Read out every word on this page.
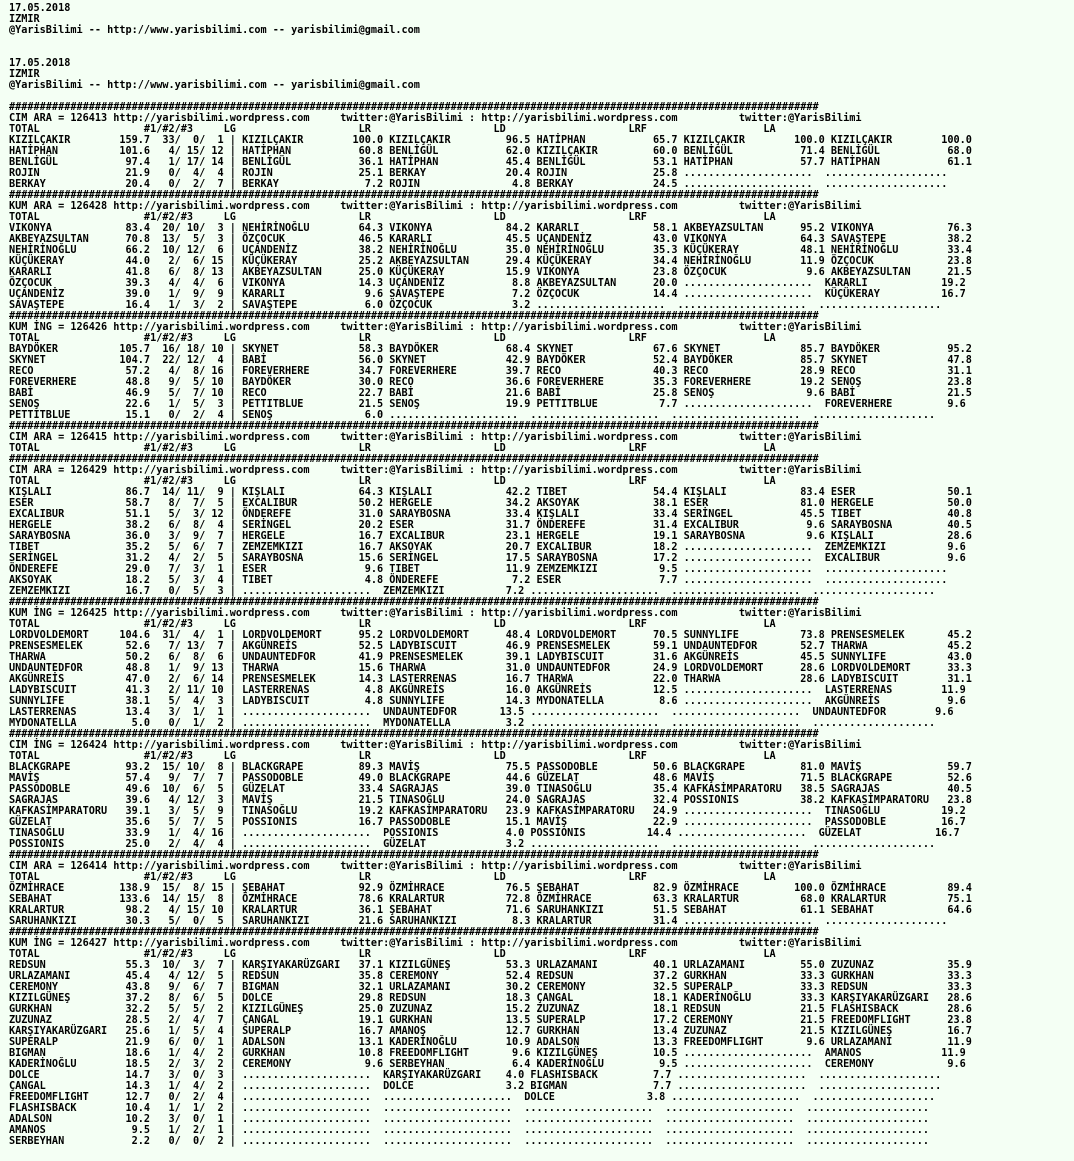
17.05.2018
IZMIR
@YarisBilimi -- http://www.yarisbilimi.com -- yarisbilimi@gmail.com
17.05.2018
IZMIR
@YarisBilimi -- http://www.yarisbilimi.com -- yarisbilimi@gmail.com
####################################################################################################################################
CIM ARA = 126413 http://yarisbilimi.wordpress.com     twitter:@YarisBilimi : http://yarisbilimi.wordpress.com          twitter:@YarisBilimi
TOTAL                 #1/#2/#3     LG                    LR                    LD                    LRF                   LA
KIZILÇAKIR        159.7  33/  0/  1 | KIZILÇAKIR        100.0 KIZILÇAKIR         96.5 HATİPHAN           65.7 KIZILÇAKIR        100.0 KIZILÇAKIR        100.0
HATİPHAN          101.6   4/ 15/ 12 | HATİPHAN           60.8 BENLİGÜL           62.0 KIZILÇAKIR         60.0 BENLİGÜL           71.4 BENLİGÜL           68.0
BENLİGÜL           97.4   1/ 17/ 14 | BENLİGÜL           36.1 HATİPHAN           45.4 BENLİGÜL           53.1 HATİPHAN           57.7 HATİPHAN           61.1
ROJIN              21.9   0/  4/  4 | ROJIN              25.1 BERKAY             20.4 ROJIN              25.8 .....................  ....................
BERKAY             20.4   0/  2/  7 | BERKAY              7.2 ROJIN               4.8 BERKAY             24.5 .....................  ....................
####################################################################################################################################
KUM ARA = 126428 http://yarisbilimi.wordpress.com     twitter:@YarisBilimi : http://yarisbilimi.wordpress.com          twitter:@YarisBilimi
TOTAL                 #1/#2/#3     LG                    LR                    LD                    LRF                   LA
VIKONYA            83.4  20/ 10/  3 | NEHİRİNOĞLU        64.3 VIKONYA            84.2 KARARLI            58.1 AKBEYAZSULTAN      95.2 VIKONYA            76.3
AKBEYAZSULTAN      70.8  13/  5/  3 | ÖZÇOCUK            46.5 KARARLI            45.5 UÇANDENİZ          43.0 VIKONYA            64.3 SAVAŞTEPE          38.2
NEHİRİNOĞLU        66.2  10/ 12/  6 | UÇANDENİZ          38.2 NEHİRİNOĞLU        35.0 NEHİRİNOĞLU        35.3 KÜÇÜKERAY          48.1 NEHİRİNOĞLU        33.4
KÜÇÜKERAY          44.0   2/  6/ 15 | KÜÇÜKERAY          25.2 AKBEYAZSULTAN      29.4 KÜÇÜKERAY          34.4 NEHİRİNOĞLU        11.9 ÖZÇOCUK            23.8
KARARLI            41.8   6/  8/ 13 | AKBEYAZSULTAN      25.0 KÜÇÜKERAY          15.9 VIKONYA            23.8 ÖZÇOCUK             9.6 AKBEYAZSULTAN      21.5
ÖZÇOCUK            39.3   4/  4/  6 | VIKONYA            14.3 UÇANDENİZ           8.8 AKBEYAZSULTAN      20.0 .....................  KARARLI            19.2
UÇANDENİZ          39.0   1/  9/  9 | KARARLI             9.6 SAVAŞTEPE           7.2 ÖZÇOCUK            14.4 .....................  KÜÇÜKERAY          16.7
SAVAŞTEPE          16.4   1/  3/  2 | SAVAŞTEPE           6.0 ÖZÇOCUK             3.2 .....................  .....................  ....................
####################################################################################################################################
KUM İNG = 126426 http://yarisbilimi.wordpress.com     twitter:@YarisBilimi : http://yarisbilimi.wordpress.com          twitter:@YarisBilimi
TOTAL                 #1/#2/#3     LG                    LR                    LD                    LRF                   LA
BAYDÖKER          105.7  16/ 18/ 10 | SKYNET             58.3 BAYDÖKER           68.4 SKYNET             67.6 SKYNET             85.7 BAYDÖKER           95.2
SKYNET            104.7  22/ 12/  4 | BABİ               56.0 SKYNET             42.9 BAYDÖKER           52.4 BAYDÖKER           85.7 SKYNET             47.8
RECO               57.2   4/  8/ 16 | FOREVERHERE        34.7 FOREVERHERE        39.7 RECO               40.3 RECO               28.9 RECO               31.1
FOREVERHERE        48.8   9/  5/ 10 | BAYDÖKER           30.0 RECO               36.6 FOREVERHERE        35.3 FOREVERHERE        19.2 SENOŞ              23.8
BABİ               46.9   5/  7/ 10 | RECO               22.7 BABİ               21.6 BABİ               25.8 SENOŞ               9.6 BABİ               21.5
SENOŞ              22.6   1/  5/  3 | PETTITBLUE         21.5 SENOŞ              19.9 PETTITBLUE          7.7 .....................  FOREVERHERE         9.6
PETTITBLUE         15.1   0/  2/  4 | SENOŞ               6.0 .....................  .....................  .....................  ....................
####################################################################################################################################
CIM ARA = 126415 http://yarisbilimi.wordpress.com     twitter:@YarisBilimi : http://yarisbilimi.wordpress.com          twitter:@YarisBilimi
TOTAL                 #1/#2/#3     LG                    LR                    LD                    LRF                   LA
####################################################################################################################################
CIM ARA = 126429 http://yarisbilimi.wordpress.com     twitter:@YarisBilimi : http://yarisbilimi.wordpress.com          twitter:@YarisBilimi
TOTAL                 #1/#2/#3     LG                    LR                    LD                    LRF                   LA
KIŞLALI            86.7  14/ 11/  9 | KIŞLALI            64.3 KIŞLALI            42.2 TIBET              54.4 KIŞLALI            83.4 ESER               50.1
ESER               58.7   8/  7/  5 | EXCALIBUR          50.2 HERGELE            34.2 AKSOYAK            38.1 ESER               81.0 HERGELE            50.0
EXCALIBUR          51.1   5/  3/ 12 | ÖNDEREFE           31.0 SARAYBOSNA         33.4 KIŞLALI            33.4 SERİNGEL           45.5 TIBET              40.8
HERGELE            38.2   6/  8/  4 | SERİNGEL           20.2 ESER               31.7 ÖNDEREFE           31.4 EXCALIBUR           9.6 SARAYBOSNA         40.5
SARAYBOSNA         36.0   3/  9/  7 | HERGELE            16.7 EXCALIBUR          23.1 HERGELE            19.1 SARAYBOSNA          9.6 KIŞLALI            28.6
TIBET              35.2   5/  6/  7 | ZEMZEMKIZI         16.7 AKSOYAK            20.7 EXCALIBUR          18.2 .....................  ZEMZEMKIZI          9.6
SERİNGEL           31.2   4/  2/  5 | SARAYBOSNA         15.6 SERİNGEL           17.5 SARAYBOSNA         17.2 .....................  EXCALIBUR           9.6
ÖNDEREFE           29.0   7/  3/  1 | ESER                9.6 TIBET              11.9 ZEMZEMKIZI          9.5 .....................  ....................
AKSOYAK            18.2   5/  3/  4 | TIBET               4.8 ÖNDEREFE            7.2 ESER                7.7 .....................  ....................
ZEMZEMKIZI         16.7   0/  5/  3 | .....................  ZEMZEMKIZI          7.2 .....................  .....................  ....................
####################################################################################################################################
KUM İNG = 126425 http://yarisbilimi.wordpress.com     twitter:@YarisBilimi : http://yarisbilimi.wordpress.com          twitter:@YarisBilimi
TOTAL                 #1/#2/#3     LG                    LR                    LD                    LRF                   LA
LORDVOLDEMORT     104.6  31/  4/  1 | LORDVOLDEMORT      95.2 LORDVOLDEMORT      48.4 LORDVOLDEMORT      70.5 SUNNYLIFE          73.8 PRENSESMELEK       45.2
PRENSESMELEK       52.6   7/ 13/  7 | AKGÜNREİS          52.5 LADYBISCUIT        46.9 PRENSESMELEK       59.1 UNDAUNTEDFOR       52.7 THARWA             45.2
THARWA             50.2   6/  8/  6 | UNDAUNTEDFOR       41.9 PRENSESMELEK       39.1 LADYBISCUIT        31.6 AKGÜNREİS          45.5 SUNNYLIFE          43.0
UNDAUNTEDFOR       48.8   1/  9/ 13 | THARWA             15.6 THARWA             31.0 UNDAUNTEDFOR       24.9 LORDVOLDEMORT      28.6 LORDVOLDEMORT      33.3
AKGÜNREİS          47.0   2/  6/ 14 | PRENSESMELEK       14.3 LASTERRENAS        16.7 THARWA             22.0 THARWA             28.6 LADYBISCUIT        31.1
LADYBISCUIT        41.3   2/ 11/ 10 | LASTERRENAS         4.8 AKGÜNREİS          16.0 AKGÜNREİS          12.5 .....................  LASTERRENAS        11.9
SUNNYLIFE          38.1   5/  4/  3 | LADYBISCUIT         4.8 SUNNYLIFE          14.3 MYDONATELLA         8.6 .....................  AKGÜNREİS           9.6
LASTERRENAS        13.4   3/  1/  1 | .....................  UNDAUNTEDFOR       13.5 .....................  .....................  UNDAUNTEDFOR        9.6
MYDONATELLA         5.0   0/  1/  2 | .....................  MYDONATELLA         3.2 .....................  .....................  ....................
####################################################################################################################################
CIM İNG = 126424 http://yarisbilimi.wordpress.com     twitter:@YarisBilimi : http://yarisbilimi.wordpress.com          twitter:@YarisBilimi
TOTAL                 #1/#2/#3     LG                    LR                    LD                    LRF                   LA
BLACKGRAPE         93.2  15/ 10/  8 | BLACKGRAPE         89.3 MAVİŞ              75.5 PASSODOBLE         50.6 BLACKGRAPE         81.0 MAVİŞ              59.7
MAVİŞ              57.4   9/  7/  7 | PASSODOBLE         49.0 BLACKGRAPE         44.6 GÜZELAT            48.6 MAVİŞ              71.5 BLACKGRAPE         52.6
PASSODOBLE         49.6  10/  6/  5 | GÜZELAT            33.4 SAGRAJAS           39.0 TINASOĞLU          35.4 KAFKASİMPARATORU   38.5 SAGRAJAS           40.5
SAGRAJAS           39.6   4/ 12/  3 | MAVİŞ              21.5 TINASOĞLU          24.0 SAGRAJAS           32.4 POSSIONIS          38.2 KAFKASİMPARATORU   23.8
KAFKASİMPARATORU   39.1   3/  5/  9 | TINASOĞLU          19.2 KAFKASİMPARATORU   23.9 KAFKASİMPARATORU   24.9 .....................  TINASOĞLU          19.2
GÜZELAT            35.6   5/  7/  5 | POSSIONIS          16.7 PASSODOBLE         15.1 MAVİŞ              22.9 .....................  PASSODOBLE         16.7
TINASOĞLU          33.9   1/  4/ 16 | .....................  POSSIONIS           4.0 POSSIONIS          14.4 .....................  GÜZELAT            16.7
POSSIONIS          25.0   2/  4/  4 | .....................  GÜZELAT             3.2 .....................  .....................  ....................
####################################################################################################################################
CIM ARA = 126414 http://yarisbilimi.wordpress.com     twitter:@YarisBilimi : http://yarisbilimi.wordpress.com          twitter:@YarisBilimi
TOTAL                 #1/#2/#3     LG                    LR                    LD                    LRF                   LA
ÖZMİHRACE         138.9  15/  8/ 15 | ŞEBAHAT            92.9 ÖZMİHRACE          76.5 ŞEBAHAT            82.9 ÖZMİHRACE         100.0 ÖZMİHRACE          89.4
SEBAHAT           133.6  14/ 15/  8 | ÖZMİHRACE          78.6 KRALARTUR          72.8 ÖZMİHRACE          63.3 KRALARTUR          68.0 KRALARTUR          75.1
KRALARTUR          98.2   4/ 15/ 10 | KRALARTUR          36.1 ŞEBAHAT            71.6 SARUHANKIZI        51.5 SEBAHAT            61.1 SEBAHAT            64.6
SARUHANKIZI        30.3   5/  0/  5 | SARUHANKIZI        21.6 SARUHANKIZI         8.3 KRALARTUR          31.4 .....................  ....................
####################################################################################################################################
KUM İNG = 126427 http://yarisbilimi.wordpress.com     twitter:@YarisBilimi : http://yarisbilimi.wordpress.com          twitter:@YarisBilimi
TOTAL                 #1/#2/#3     LG                    LR                    LD                    LRF                   LA
REDSUN             55.3  10/  3/  7 | KARŞIYAKARÜZGARI   37.1 KIZILGÜNEŞ         53.3 URLAZAMANI         40.1 URLAZAMANI         55.0 ZUZUNAZ            35.9
URLAZAMANI         45.4   4/ 12/  5 | REDSUN             35.8 CEREMONY           52.4 REDSUN             37.2 GURKHAN            33.3 GURKHAN            33.3
CEREMONY           43.8   9/  6/  7 | BIGMAN             32.1 URLAZAMANI         30.2 CEREMONY           32.5 SUPERALP           33.3 REDSUN             33.3
KIZILGÜNEŞ         37.2   8/  6/  5 | DOLCE              29.8 REDSUN             18.3 ÇANGAL             18.1 KADERİNOĞLU        33.3 KARŞIYAKARÜZGARI   28.6
GURKHAN            32.2   5/  5/  2 | KIZILGÜNEŞ         25.0 ZUZUNAZ            15.2 ZUZUNAZ            18.1 REDSUN             21.5 FLASHISBACK        28.6
ZUZUNAZ            28.5   2/  4/  7 | ÇANGAL             19.1 GURKHAN            13.5 SUPERALP           17.2 CEREMONY           21.5 FREEDOMFLIGHT      23.8
KARŞIYAKARÜZGARI   25.6   1/  5/  4 | SUPERALP           16.7 AMANOŞ             12.7 GURKHAN            13.4 ZUZUNAZ            21.5 KIZILGÜNEŞ         16.7
SUPERALP           21.9   6/  0/  1 | ADALSON            13.1 KADERİNOĞLU        10.9 ADALSON            13.3 FREEDOMFLIGHT       9.6 URLAZAMANI         11.9
BIGMAN             18.6   1/  4/  2 | GURKHAN            10.8 FREEDOMFLIGHT       9.6 KIZILGÜNEŞ         10.5 .....................  AMANOS             11.9
KADERİNOĞLU        18.5   2/  3/  2 | CEREMONY            9.6 SERBEYHAN           6.4 KADERİNOĞLU         9.5 .....................  CEREMONY            9.6
DOLCE              14.7   3/  0/  3 | .....................  KARŞIYAKARÜZGARI    4.0 FLASHISBACK         7.7 .....................  ....................
ÇANGAL             14.3   1/  4/  2 | .....................  DOLCE               3.2 BIGMAN              7.7 .....................  ....................
FREEDOMFLIGHT      12.7   0/  2/  4 | .....................  .....................  DOLCE               3.8 .....................  ....................
FLASHISBACK        10.4   1/  1/  2 | .....................  .....................  .....................  .....................  ....................
ADALSON            10.2   3/  0/  1 | .....................  .....................  .....................  .....................  ....................
AMANOS              9.5   1/  2/  1 | .....................  .....................  .....................  .....................  ....................
SERBEYHAN           2.2   0/  0/  2 | .....................  .....................  .....................  .....................  ....................
